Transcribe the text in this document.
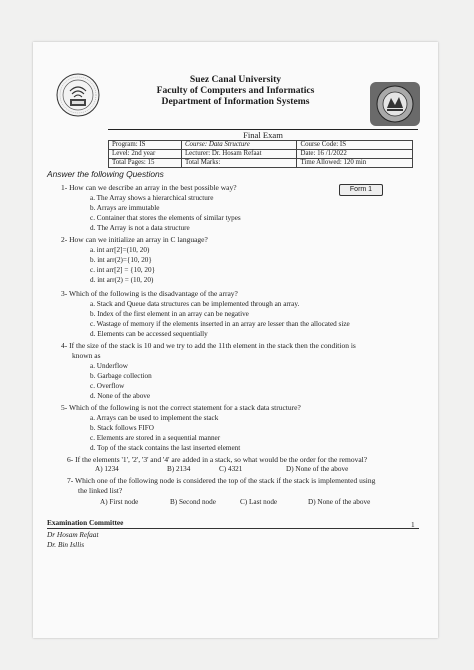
Suez Canal University
Faculty of Computers and Informatics
Department of Information Systems
Final Exam
Program: IS	Course: Data Structure	Course Code: IS
Level: 2nd year	Lecturer: Dr. Hosam Refaat	Date: 16 /1/2022
Total Pages: 15	Total Marks:	Time Allowed: 120 min
Answer the following Questions
Form 1
1- How can we describe an array in the best possible way?
a. The Array shows a hierarchical structure
b. Arrays are immutable
c. Container that stores the elements of similar types
d. The Array is not a data structure
2- How can we initialize an array in C language?
a. int arr[2]=(10, 20)
b. int arr(2)={10, 20}
c. int arr[2] = {10, 20}
d. int arr(2) = (10, 20)
3- Which of the following is the disadvantage of the array?
a. Stack and Queue data structures can be implemented through an array.
b. Index of the first element in an array can be negative
c. Wastage of memory if the elements inserted in an array are lesser than the allocated size
d. Elements can be accessed sequentially
4- If the size of the stack is 10 and we try to add the 11th element in the stack then the condition is
known as
a. Underflow
b. Garbage collection
c. Overflow
d. None of the above
5- Which of the following is not the correct statement for a stack data structure?
a. Arrays can be used to implement the stack
b. Stack follows FIFO
c. Elements are stored in a sequential manner
d. Top of the stack contains the last inserted element
6- If the elements '1', '2', '3' and '4' are added in a stack, so what would be the order for the removal?
A) 1234	B) 2134	C) 4321	D) None of the above
7- Which one of the following node is considered the top of the stack if the stack is implemented using
the linked list?
A) First node	B) Second node	C) Last node	D) None of the above
Examination Committee
Dr Hosam Refaat
Dr. Bin Isllis
1
